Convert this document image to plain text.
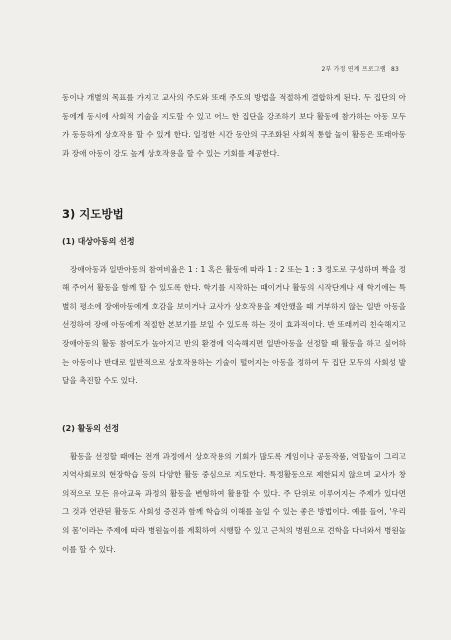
2부 가정 연계 프로그램 83

동이나 개별의 목표를 가지고 교사의 주도와 또래 주도의 방법을 적절하게 결합하게 된다. 두 집단의 아동에게 동시에 사회적 기술을 지도할 수 있고 어느 한 집단을 강조하기 보다 활동에 참가하는 아동 모두가 동등하게 상호작용 할 수 있게 한다. 일정한 시간 동안의 구조화된 사회적 통합 놀이 활동은 또래아동과 장애 아동이 강도 높게 상호작용을 할 수 있는 기회를 제공한다.

3) 지도방법
(1) 대상아동의 선정

장애아동과 일반아동의 참여비율은 1 : 1 혹은 활동에 따라 1 : 2 또는 1 : 3 정도로 구성하며 짝을 정해 주어서 활동을 함께 할 수 있도록 한다. 학기를 시작하는 때이거나 활동의 시작단계나 새 학기에는 특별히 평소에 장애아동에게 호감을 보이거나 교사가 상호작용을 제안했을 때 거부하지 않는 일반 아동을 선정하여 장애 아동에게 적절한 본보기를 보일 수 있도록 하는 것이 효과적이다. 반 또래끼리 친숙해지고 장애아동의 활동 참여도가 높아지고 반의 환경에 익숙해지면 일반아동을 선정할 때 활동을 하고 싶어하는 아동이나 반대로 일반적으로 상호작용하는 기술이 떨어지는 아동을 정하여 두 집단 모두의 사회성 발달을 촉진할 수도 있다.

(2) 활동의 선정

활동을 선정할 때에는 전개 과정에서 상호작용의 기회가 많도록 게임이나 공동작품, 역할놀이 그리고 지역사회로의 현장학습 등의 다양한 활동 중심으로 지도한다. 특정활동으로 제한되지 않으며 교사가 창의적으로 모든 유아교육 과정의 활동을 변형하여 활용할 수 있다. 주 단위로 이루어지는 주제가 있다면 그 것과 연관된 활동도 사회성 증진과 함께 학습의 이해를 높일 수 있는 좋은 방법이다. 예를 들어, '우리의 몸'이라는 주제에 따라 병원놀이를 계획하여 시행할 수 있고 근처의 병원으로 견학을 다녀와서 병원놀이를 할 수 있다.
